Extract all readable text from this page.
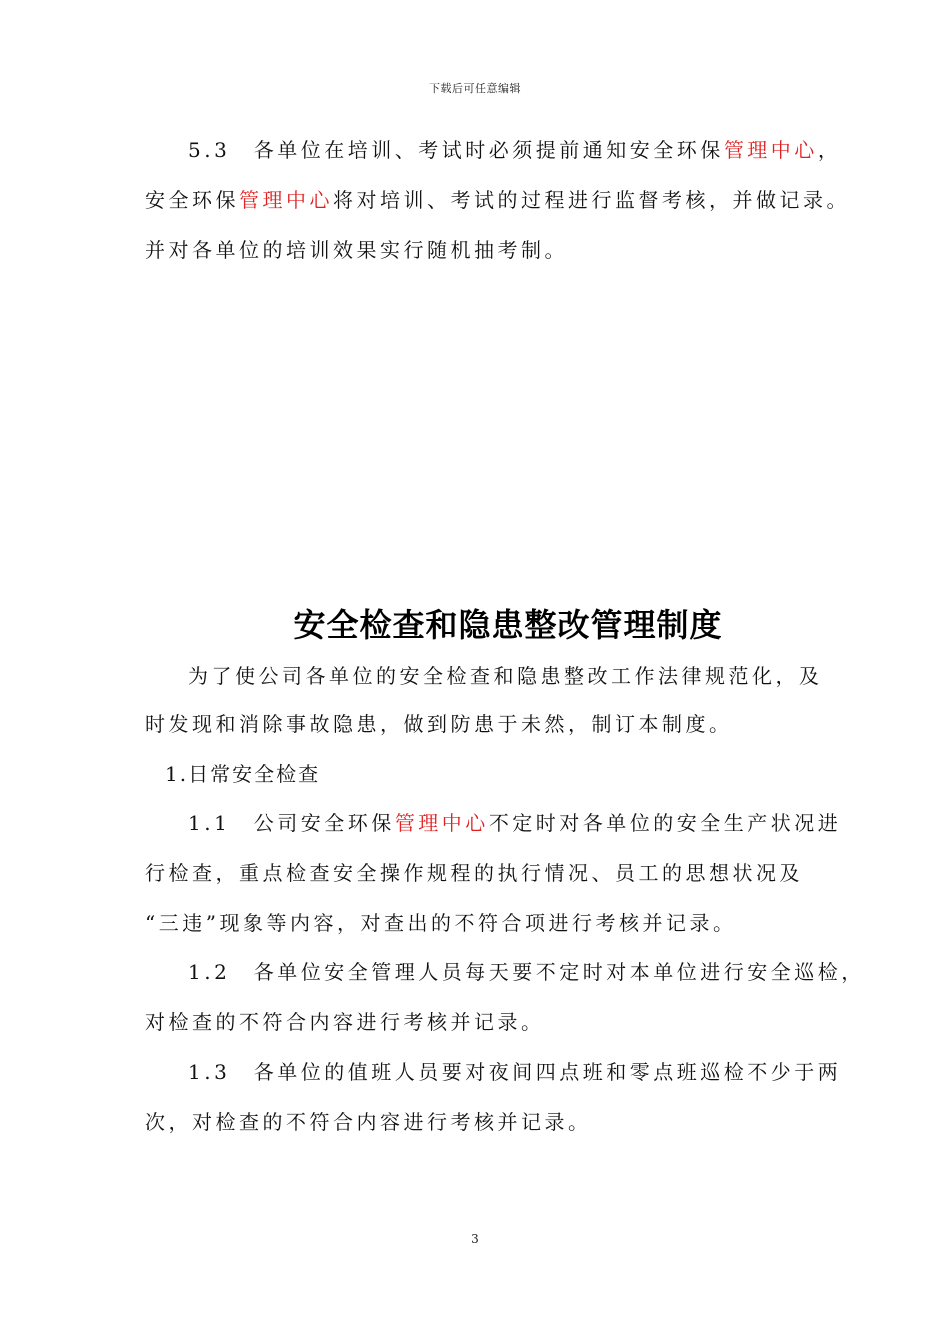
下载后可任意编辑
5.3　各单位在培训、考试时必须提前通知安全环保管理中心，
安全环保管理中心将对培训、考试的过程进行监督考核，并做记录。
并对各单位的培训效果实行随机抽考制。
安全检查和隐患整改管理制度
为了使公司各单位的安全检查和隐患整改工作法律规范化，及
时发现和消除事故隐患，做到防患于未然，制订本制度。
1.日常安全检查
1.1　公司安全环保管理中心不定时对各单位的安全生产状况进
行检查，重点检查安全操作规程的执行情况、员工的思想状况及
“三违”现象等内容，对查出的不符合项进行考核并记录。
1.2　各单位安全管理人员每天要不定时对本单位进行安全巡检，
对检查的不符合内容进行考核并记录。
1.3　各单位的值班人员要对夜间四点班和零点班巡检不少于两
次，对检查的不符合内容进行考核并记录。
3
